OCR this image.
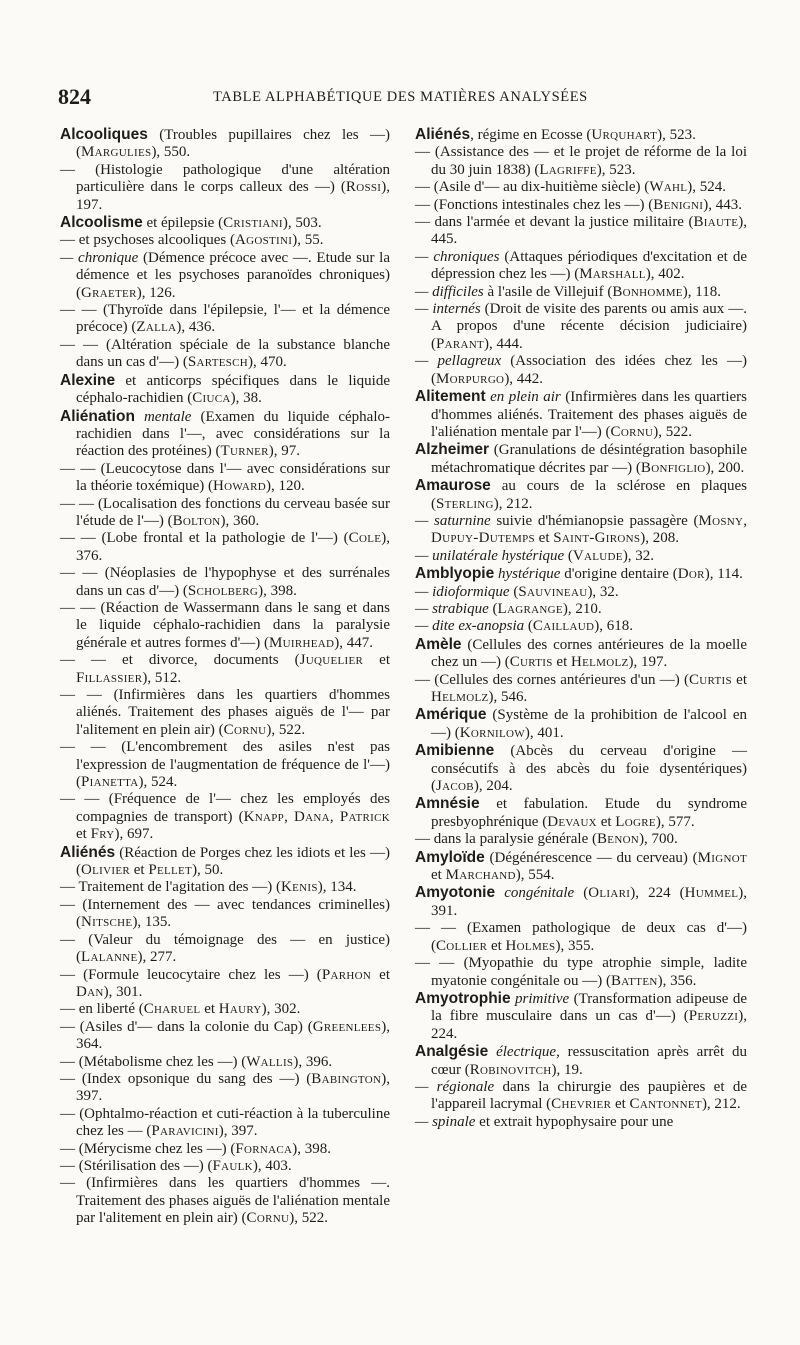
824	TABLE ALPHABÉTIQUE DES MATIÈRES ANALYSÉES
Alcooliques (Troubles pupillaires chez les —) (Margulies), 550.
— (Histologie pathologique d'une altération particulière dans le corps calleux des —) (Rossi), 197.
Alcoolisme et épilepsie (Cristiani), 503.
— et psychoses alcooliques (Agostini), 55.
— chronique (Démence précoce avec —. Etude sur la démence et les psychoses paranoïdes chroniques) (Graeter), 126.
— — (Thyroïde dans l'épilepsie, l'— et la démence précoce) (Zalla), 436.
— — (Altération spéciale de la substance blanche dans un cas d'—) (Sartesch), 470.
Alexine et anticorps spécifiques dans le liquide céphalo-rachidien (Ciuca), 38.
Aliénation mentale (Examen du liquide céphalo-rachidien dans l'—, avec considérations sur la réaction des protéines) (Turner), 97.
— — (Leucocytose dans l'— avec considérations sur la théorie toxémique) (Howard), 120.
— — (Localisation des fonctions du cerveau basée sur l'étude de l'—) (Bolton), 360.
— — (Lobe frontal et la pathologie de l'—) (Cole), 376.
— — (Néoplasies de l'hypophyse et des surrénales dans un cas d'—) (Scholberg), 398.
— — (Réaction de Wassermann dans le sang et dans le liquide céphalo-rachidien dans la paralysie générale et autres formes d'—) (Muirhead), 447.
— — et divorce, documents (Juquelier et Fillassier), 512.
— — (Infirmières dans les quartiers d'hommes aliénés. Traitement des phases aiguës de l'— par l'alitement en plein air) (Cornu), 522.
— — (L'encombrement des asiles n'est pas l'expression de l'augmentation de fréquence de l'—) (Pianetta), 524.
— — (Fréquence de l'— chez les employés des compagnies de transport) (Knapp, Dana, Patrick et Fry), 697.
Aliénés (Réaction de Porges chez les idiots et les —) (Olivier et Pellet), 50.
— Traitement de l'agitation des —) (Kenis), 134.
— (Internement des — avec tendances criminelles) (Nitsche), 135.
— (Valeur du témoignage des — en justice) (Lalanne), 277.
— (Formule leucocytaire chez les —) (Parhon et Dan), 301.
— en liberté (Charuel et Haury), 302.
— (Asiles d'— dans la colonie du Cap) (Greenlees), 364.
— (Métabolisme chez les —) (Wallis), 396.
— (Index opsonique du sang des —) (Babington), 397.
— (Ophtalmo-réaction et cuti-réaction à la tuberculine chez les — (Paravicini), 397.
— (Mérycisme chez les —) (Fornaca), 398.
— (Stérilisation des —) (Faulk), 403.
— (Infirmières dans les quartiers d'hommes —. Traitement des phases aiguës de l'aliénation mentale par l'alitement en plein air) (Cornu), 522.
Aliénés, régime en Ecosse (Urquhart), 523.
— (Assistance des — et le projet de réforme de la loi du 30 juin 1838) (Lagriffe), 523.
— (Asile d'— au dix-huitième siècle) (Wahl), 524.
— (Fonctions intestinales chez les —) (Benigni), 443.
— dans l'armée et devant la justice militaire (Biaute), 445.
— chroniques (Attaques périodiques d'excitation et de dépression chez les —) (Marshall), 402.
— difficiles à l'asile de Villejuif (Bonhomme), 118.
— internés (Droit de visite des parents ou amis aux —. A propos d'une récente décision judiciaire) (Parant), 444.
— pellagreux (Association des idées chez les —) (Morpurgo), 442.
Alitement en plein air (Infirmières dans les quartiers d'hommes aliénés. Traitement des phases aiguës de l'aliénation mentale par l'—) (Cornu), 522.
Alzheimer (Granulations de désintégration basophile métachromatique décrites par —) (Bonfiglio), 200.
Amaurose au cours de la sclérose en plaques (Sterling), 212.
— saturnine suivie d'hémianopsie passagère (Mosny, Dupuy-Dutemps et Saint-Girons), 208.
— unilatérale hystérique (Valude), 32.
Amblyopie hystérique d'origine dentaire (Dor), 114.
— idioformique (Sauvineau), 32.
— strabique (Lagrange), 210.
— dite ex-anopsia (Caillaud), 618.
Amèle (Cellules des cornes antérieures de la moelle chez un —) (Curtis et Helmolz), 197.
— (Cellules des cornes antérieures d'un —) (Curtis et Helmolz), 546.
Amérique (Système de la prohibition de l'alcool en —) (Kornilow), 401.
Amibienne (Abcès du cerveau d'origine — consécutifs à des abcès du foie dysentériques) (Jacob), 204.
Amnésie et fabulation. Etude du syndrome presbyophrénique (Devaux et Logre), 577.
— dans la paralysie générale (Benon), 700.
Amyloïde (Dégénérescence — du cerveau) (Mignot et Marchand), 554.
Amyotonie congénitale (Oliari), 224 (Hummel), 391.
— — (Examen pathologique de deux cas d'—) (Collier et Holmes), 355.
— — (Myopathie du type atrophie simple, ladite myatonie congénitale ou —) (Batten), 356.
Amyotrophie primitive (Transformation adipeuse de la fibre musculaire dans un cas d'—) (Peruzzi), 224.
Analgésie électrique, ressuscitation après arrêt du cœur (Robinovitch), 19.
— régionale dans la chirurgie des paupières et de l'appareil lacrymal (Chevrier et Cantonnet), 212.
— spinale et extrait hypophysaire pour une
